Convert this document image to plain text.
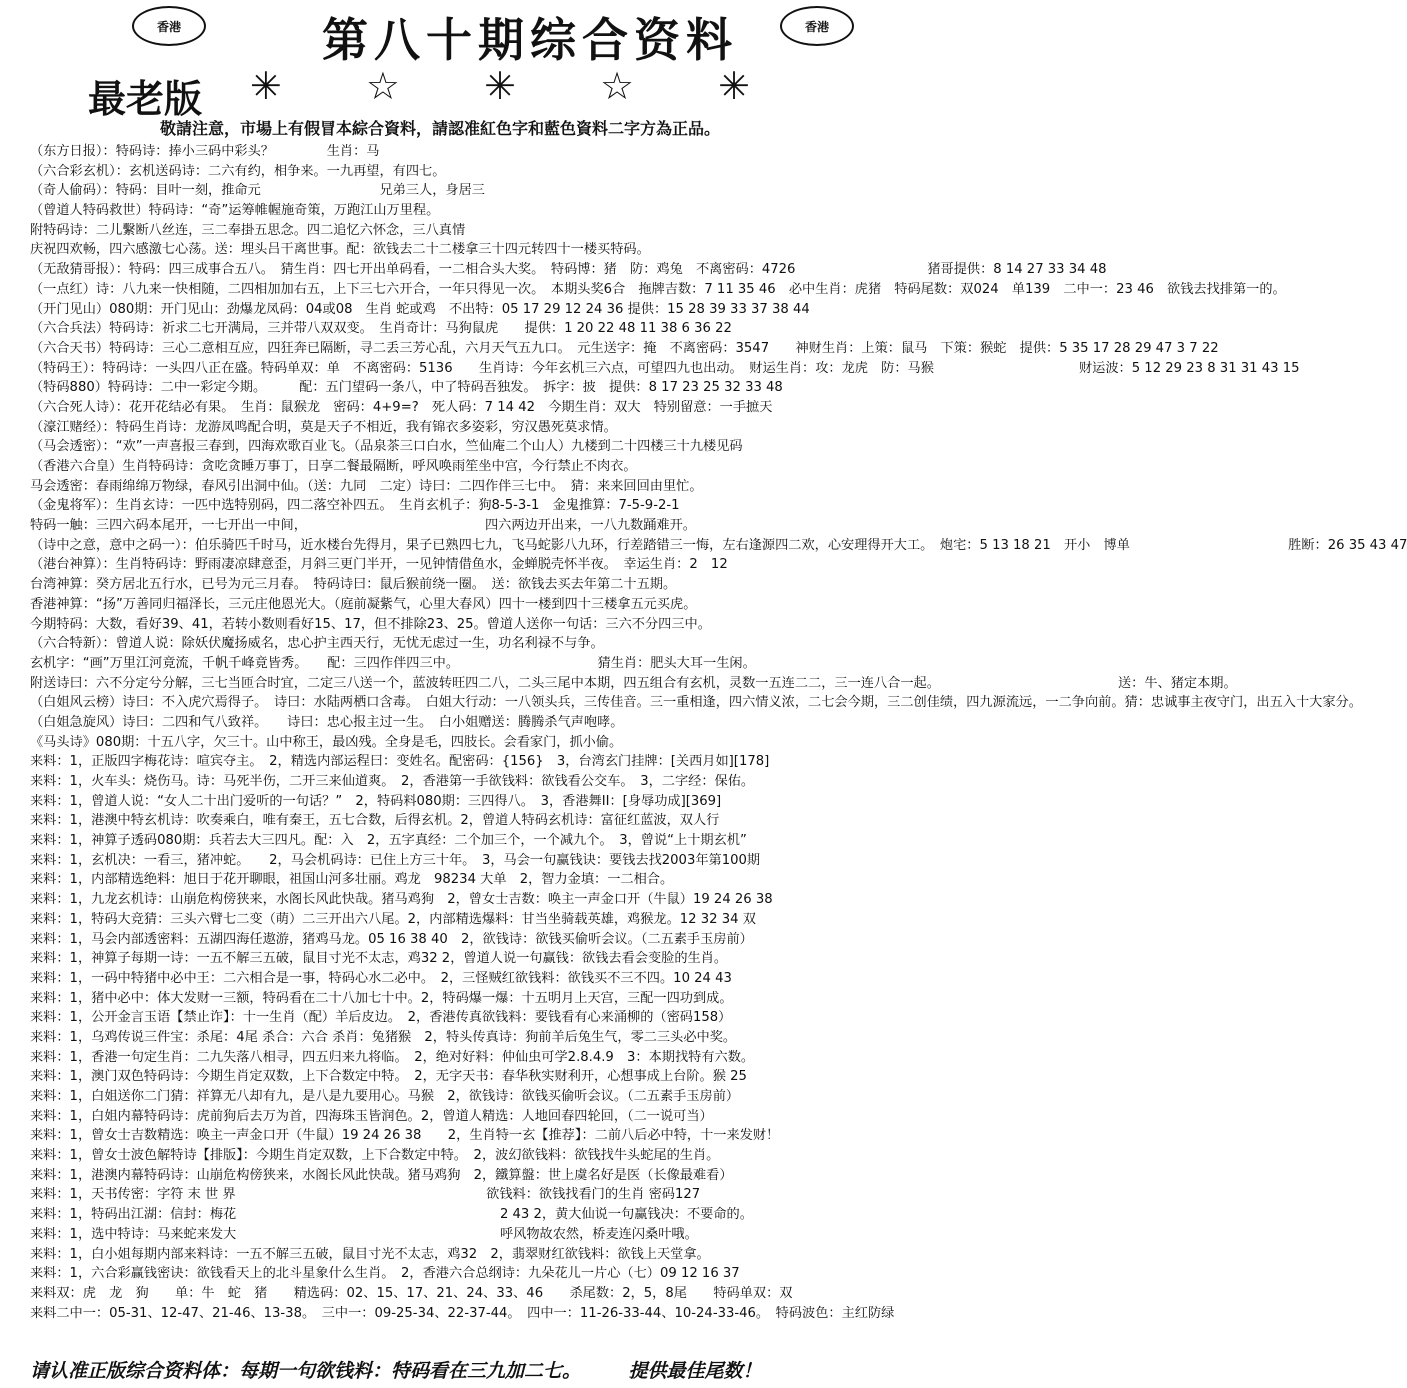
香港	第八十期综合资料	香港
最老版 ✳ ☆ ✳ ☆ ✳
敬請注意，市場上有假冒本綜合資料，請認准紅色字和藍色資料二字方為正品。
（东方日报）：特码诗：捧小三码中彩头？　　　　生肖：马
（六合彩玄机）：玄机送码诗：二六有约，相争来。一九再望，有四七。
（奇人偷码）：特码：目叶一刻，推命元　　　　　　　　　兄弟三人，身居三
（曾道人特码救世）特码诗：“奇”运筹帷幄施奇策，万跑江山万里程。
附特码诗：二儿繫断八丝连，三二奉掛五思念。四二追忆六怀念，三八真情
庆祝四欢畅，四六感激七心荡。送：埋头吕干离世事。配：欲钱去二十二楼拿三十四元转四十一楼买特码。
（无敌猜哥报）：特码：四三成事合五八。　猜生肖：四七开出单码看，一二相合头大奖。　特码博：猪　防：鸡兔　不离密码：4726　　　　　　　　　　猪哥提供：8 14 27 33 34 48
（一点红）诗：八九来一快相随，二四相加加右五，上下三七六开合，一年只得见一次。　本期头奖6合　拖牌吉数：7 11 35 46　必中生肖：虎猪　特码尾数：双024　单139　二中一：23 46　欲钱去找排第一的。
（开门见山）080期：开门见山：劲爆龙凤码：04或08　生肖 蛇或鸡　不出特：05 17 29 12 24 36 提供：15 28 39 33 37 38 44
（六合兵法）特码诗：祈求二七开满局，三并带八双双变。　生肖奇计：马狗鼠虎　　提供：1 20 22 48 11 38 6 36 22
（六合天书）特码诗：三心二意相互应，四狂奔已隔断，寻二丢三芳心乱，六月天气五九口。　元生送字：掩　不离密码：3547　　神财生肖：上策：鼠马　下策：猴蛇　提供：5 35 17 28 29 47 3 7 22
（特码王）：特码诗：一头四八正在盛。特码单双：单　不离密码：5136　　生肖诗：今年玄机三六点，可望四九也出动。　财运生肖：攻：龙虎　防：马猴　　　　　　　　　　　财运波：5 12 29 23 8 31 31 43 15
（特码880）特码诗：二中一彩定今期。　　　配：五门望码一条八，中了特码吾独发。　拆字：披　提供：8 17 23 25 32 33 48
（六合死人诗）：花开花结必有果。　生肖：鼠猴龙　密码：4+9=?　死人码：7 14 42　今期生肖：双大　特别留意：一手摭天
（濠江赌经）：特码生肖诗：龙游凤鸣配合明，莫是天子不相近，我有锦衣多姿彩，穷汉愚死莫求情。
（马会透密）：“欢”一声喜报三春到，四海欢歌百业飞。（品泉茶三口白水，竺仙庵二个山人）九楼到二十四楼三十九楼见码
（香港六合皇）生肖特码诗：贪吃贪睡万事丁，日享二餐最隔断，呼风唤雨笙坐中宫，今行禁止不肉衣。
马会透密：春雨绵绵万物绿，春风引出洞中仙。（送：九同　二定）诗曰：二四作伴三七中。　猜：来来回回由里忙。
（金鬼将军）：生肖玄诗：一匹中选特别码，四二落空补四五。　生肖玄机子：狗8-5-3-1　金鬼推算：7-5-9-2-1
特码一触：三四六码本尾开，一七开出一中间，　　　　　　　　　　　　　　四六两边开出来，一八九数踊难开。
（诗中之意，意中之码一）：伯乐骑匹千时马，近水楼台先得月，果子已熟四七九，飞马蛇影八九环，行差踏错三一悔，左右逢源四二欢，心安理得开大工。　炮宅：5 13 18 21　开小　博单　　　　　　　　　　　　胜断：26 35 43 47
（港台神算）：生肖特码诗：野雨凄凉肆意歪，月斜三更门半开，一见钟情借鱼水，金蝉脱壳怀半夜。　幸运生肖：2　12
台湾神算：癸方居北五行水，已号为元三月春。　特码诗曰：鼠后猴前绕一圈。　送：欲钱去买去年第二十五期。
香港神算：“扬”万善同归福泽长，三元庄他恩光大。（庭前凝紫气，心里大春风）四十一楼到四十三楼拿五元买虎。
今期特码：大数，看好39、41，若转小数则看好15、17，但不排除23、25。曾道人送你一句话：三六不分四三中。
（六合特新）：曾道人说：除妖伏魔扬威名，忠心护主西天行，无忧无虑过一生，功名利禄不与争。
玄机字：“画”万里江河竟流，千帆千峰竟皆秀。　　配：三四作伴四三中。　　　　　　　　　　　猜生肖：肥头大耳一生闲。
附送诗曰：六不分定兮分解，三七当匝合时宜，二定三八送一个，蓝波转旺四二八，二头三尾中本期，四五组合有玄机，灵数一五连二二，三一连八合一起。　　　　　　　　　　　　　　送：牛、猪定本期。
（白姐风云榜）诗曰：不入虎穴焉得子。　诗曰：水陆两栖口含毒。　白姐大行动：一八领头兵，三传佳音。三一重相逢，四六情义浓，二七会今期，三二创佳绩，四九源流远，一二争向前。猜：忠诚事主夜守门，出五入十大家分。
（白姐急旋风）诗曰：二四和气八致祥。　　诗曰：忠心报主过一生。　白小姐赠送：腾腾杀气声咆哮。
《马头诗》080期：十五八字，欠三十。山中称王，最凶残。全身是毛，四肢长。会看家门，抓小偷。
来料：1，正版四字梅花诗：喧宾夺主。　2，精选内部运程曰：变姓名。配密码：{156}　3，台湾玄门挂牌：[关西月如][178]
来料：1，火车头：烧伤马。诗：马死半伤，二开三来仙道爽。　2，香港第一手欲钱料：欲钱看公交车。　3，二字经：保佑。
来料：1，曾道人说：“女人二十出门爱听的一句话？”　2，特码料080期：三四得八。　3，香港舞II：[身辱功成][369]
来料：1，港澳中特玄机诗：吹奏乘白，唯有秦王，五七合数，后得玄机。2，曾道人特码玄机诗：富征红蓝波，双人行
来料：1，神算子透码080期：兵若去大三四凡。配：入　2，五字真经：二个加三个，一个减九个。　3，曾说“上十期玄机”
来料：1，玄机决：一看三，猪冲蛇。　　2，马会机码诗：已住上方三十年。　3，马会一句赢钱诀：要钱去找2003年第100期
来料：1，内部精选绝料：旭日于花开聊眼，祖国山河多壮丽。鸡龙　98234 大单　2，智力金填：一二相合。
来料：1，九龙玄机诗：山崩危构傍狭来，水阁长风此快哉。猪马鸡狗　2，曾女士吉数：唤主一声金口开（牛鼠）19 24 26 38
来料：1，特码大竞猜：三头六臂七二变（萌）二三开出六八尾。2，内部精选爆料：甘当坐骑载英雄，鸡猴龙。12 32 34 双
来料：1，马会内部透密料：五湖四海任遨游，猪鸡马龙。05 16 38 40　2，欲钱诗：欲钱买偷听会议。（二五素手玉房前）
来料：1，神算子每期一诗：一五不解三五破，鼠目寸光不太志，鸡32 2，曾道人说一句赢钱：欲钱去看会变脸的生肖。
来料：1，一码中特猪中必中王：二六相合是一事，特码心水二必中。　2，三怪贼红欲钱料：欲钱买不三不四。10 24 43
来料：1，猪中必中：体大发财一三额，特码看在二十八加七十中。2，特码爆一爆：十五明月上天宫，三配一四功到成。
来料：1，公开金言玉语【禁止诈】：十一生肖（配）羊后皮边。　2，香港传真欲钱料：要钱看有心来涌柳的（密码158）
来料：1，乌鸡传说三件宝：杀尾：4尾 杀合：六合 杀肖：兔猪猴　2，特头传真诗：狗前羊后兔生气，零二三头必中奖。
来料：1，香港一句定生肖：二九失落八相寻，四五归来九将临。　2，绝对好料：仲仙虫可学2.8.4.9　3：本期找特有六数。
来料：1，澳门双色特码诗：今期生肖定双数，上下合数定中特。　2，无字天书：春华秋实财利开，心想事成上台阶。猴 25
来料：1，白姐送你二门猜：祥算无八却有九，是八是九要用心。马猴　2，欲钱诗：欲钱买偷听会议。（二五素手玉房前）
来料：1，白姐内幕特码诗：虎前狗后去万为首，四海珠玉皆润色。2，曾道人精选：人地回春四轮回，（二一说可当）
来料：1，曾女士吉数精选：唤主一声金口开（牛鼠）19 24 26 38　　2，生肖特一玄【推荐】：二前八后必中特，十一来发财！
来料：1，曾女士波色解特诗【排版】：今期生肖定双数，上下合数定中特。　2，波幻欲钱料：欲钱找牛头蛇尾的生肖。
来料：1，港澳内幕特码诗：山崩危构傍狭来，水阁长风此快哉。猪马鸡狗　2，鐵算盤：世上虞名好是医（长像最难看）
来料：1，天书传密：字符 末 世 界　　　　　　　　　　　　　　　　　　　欲钱料：欲钱找看门的生肖 密码127
来料：1，特码出江湖：信封：梅花　　　　　　　　　　　　　　　　　　　　2 43 2，黄大仙说一句赢钱决：不要命的。
来料：1，选中特诗：马来蛇来发大　　　　　　　　　　　　　　　　　　　　呼风物故农然，桥麦连闪桑叶哦。
来料：1，白小姐每期内部来料诗：一五不解三五破，鼠目寸光不太志，鸡32　2，翡翠财红欲钱料：欲钱上天堂拿。
来料：1，六合彩赢钱密诀：欲钱看天上的北斗星象什么生肖。　2，香港六合总纲诗：九朵花儿一片心（七）09 12 16 37
来料双：虎　龙　狗　　单：牛　蛇　猪　　精选码：02、15、17、21、24、33、46　　杀尾数：2，5，8尾　　特码单双：双
来料二中一：05-31、12-47、21-46、13-38。　三中一：09-25-34、22-37-44。　四中一：11-26-33-44、10-24-33-46。　特码波色：主红防绿
请认准正版综合资料体：每期一句欲钱料：特码看在三九加二七。　　　提供最佳尾数！
